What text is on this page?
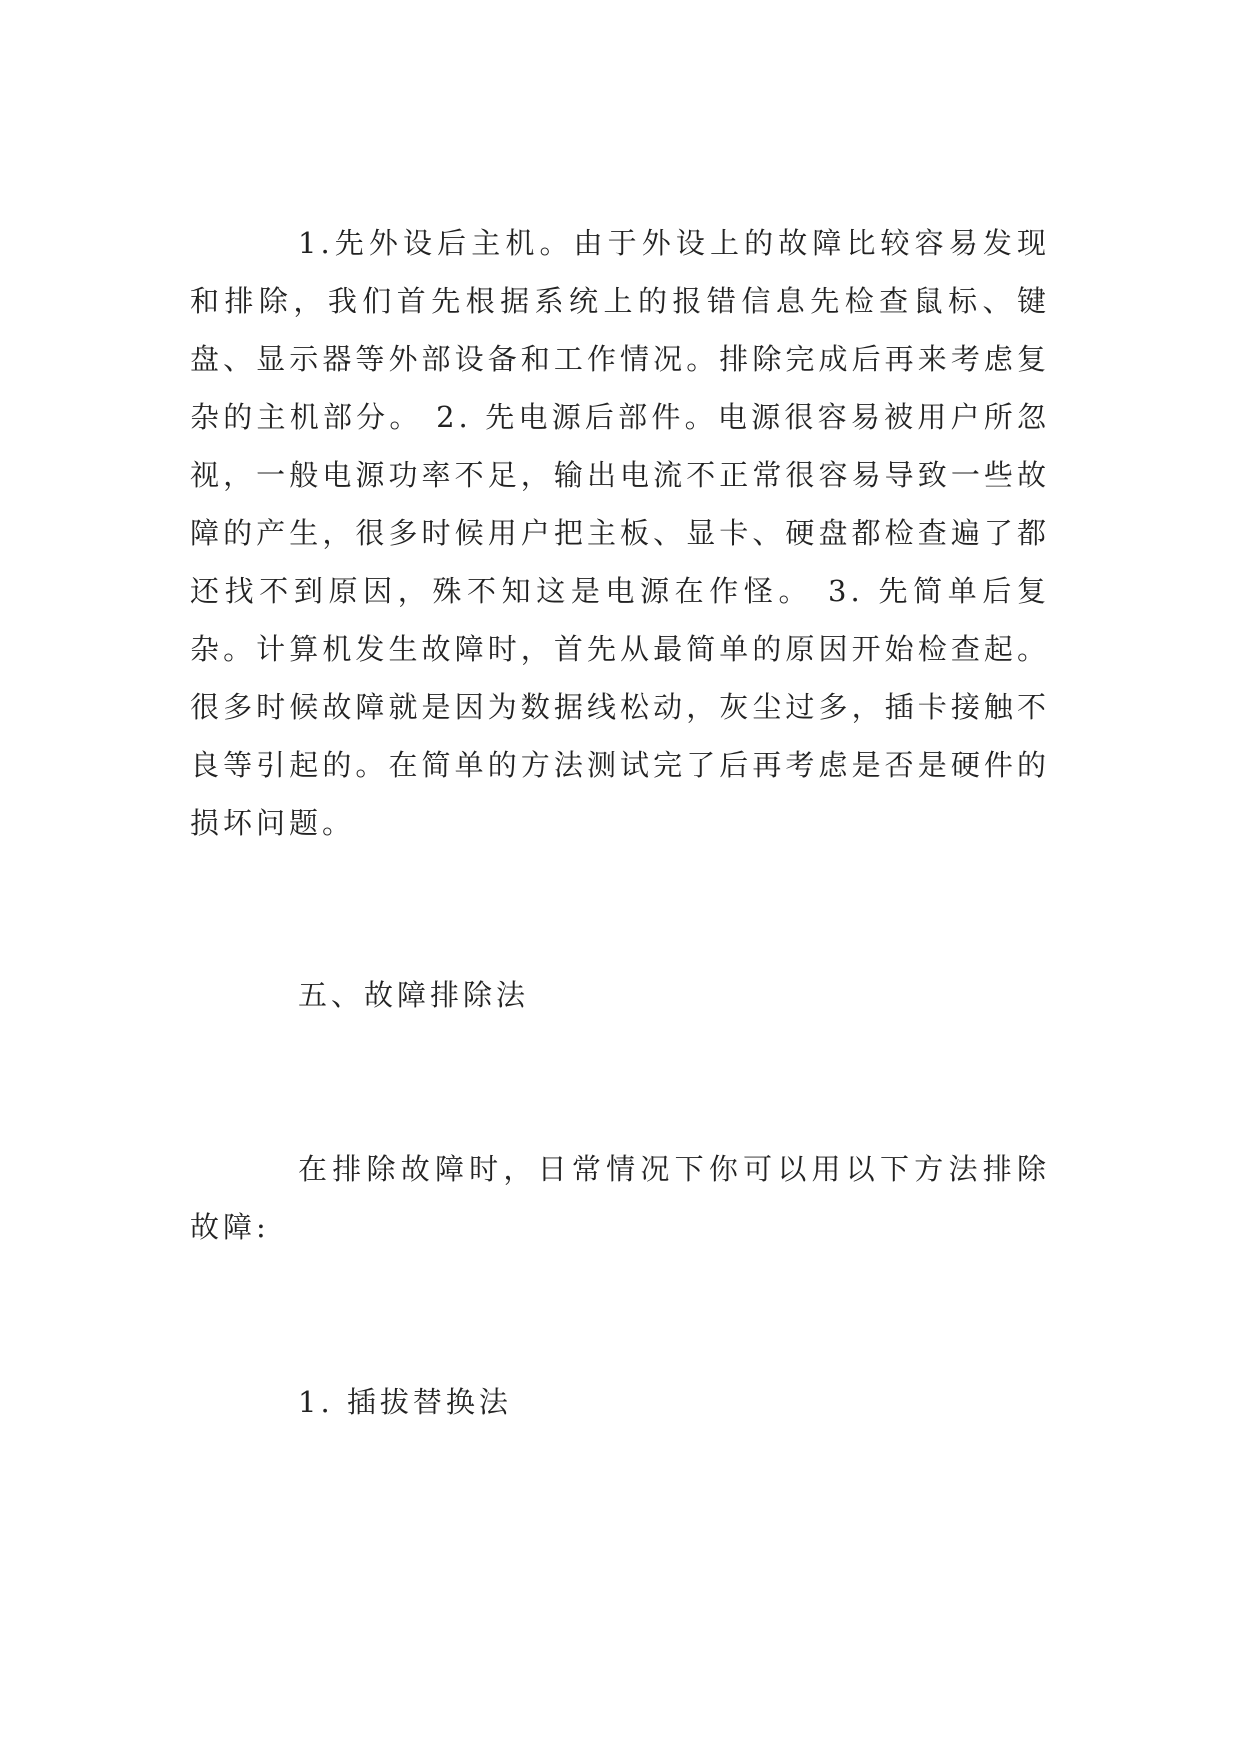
1.先外设后主机。由于外设上的故障比较容易发现和排除，我们首先根据系统上的报错信息先检查鼠标、键盘、显示器等外部设备和工作情况。排除完成后再来考虑复杂的主机部分。 2. 先电源后部件。电源很容易被用户所忽视，一般电源功率不足，输出电流不正常很容易导致一些故障的产生，很多时候用户把主板、显卡、硬盘都检查遍了都还找不到原因，殊不知这是电源在作怪。 3. 先简单后复杂。计算机发生故障时，首先从最简单的原因开始检查起。很多时候故障就是因为数据线松动，灰尘过多，插卡接触不良等引起的。在简单的方法测试完了后再考虑是否是硬件的损坏问题。

五、故障排除法

在排除故障时，日常情况下你可以用以下方法排除故障:

1. 插拔替换法
